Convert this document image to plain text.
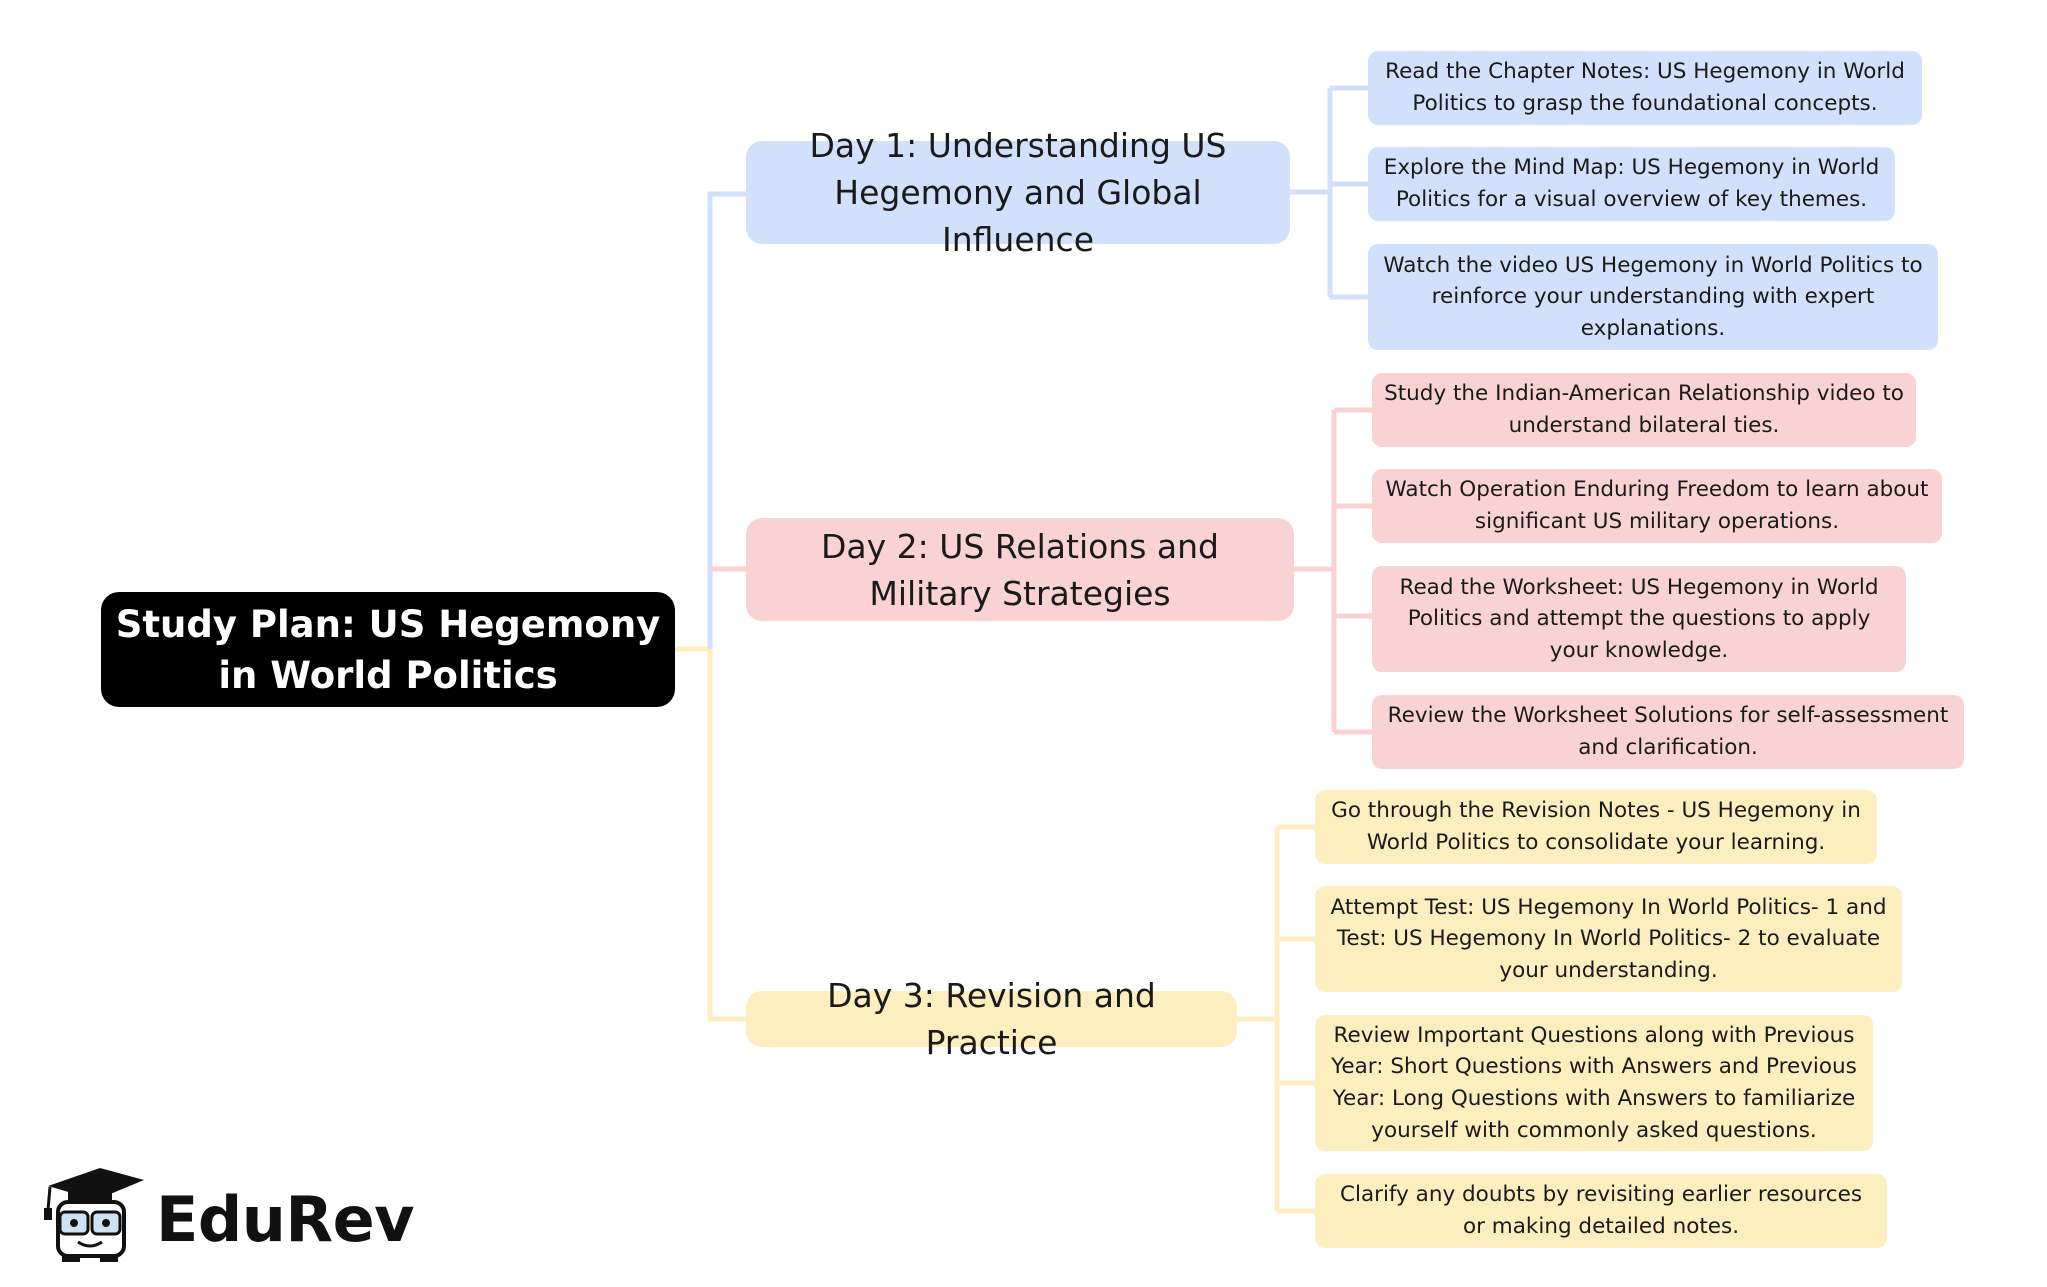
Study Plan: US Hegemony in World Politics
Day 1: Understanding US Hegemony and Global Influence
Day 2: US Relations and Military Strategies
Day 3: Revision and Practice
Read the Chapter Notes: US Hegemony in World Politics to grasp the foundational concepts.
Explore the Mind Map: US Hegemony in World Politics for a visual overview of key themes.
Watch the video US Hegemony in World Politics to reinforce your understanding with expert explanations.
Study the Indian-American Relationship video to understand bilateral ties.
Watch Operation Enduring Freedom to learn about significant US military operations.
Read the Worksheet: US Hegemony in World Politics and attempt the questions to apply your knowledge.
Review the Worksheet Solutions for self-assessment and clarification.
Go through the Revision Notes - US Hegemony in World Politics to consolidate your learning.
Attempt Test: US Hegemony In World Politics- 1 and Test: US Hegemony In World Politics- 2 to evaluate your understanding.
Review Important Questions along with Previous Year: Short Questions with Answers and Previous Year: Long Questions with Answers to familiarize yourself with commonly asked questions.
Clarify any doubts by revisiting earlier resources or making detailed notes.
EduRev
